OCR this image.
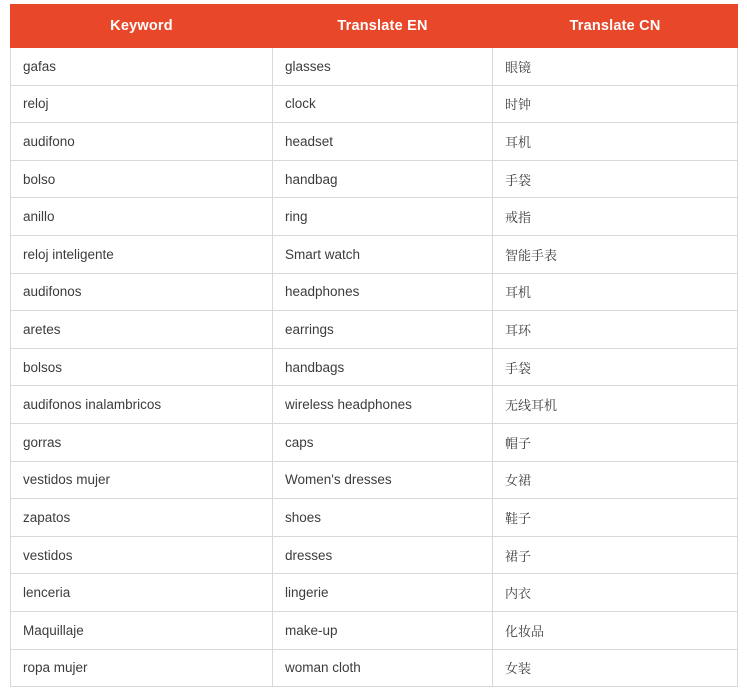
Keyword	Translate EN	Translate CN
gafas	glasses	眼镜
reloj	clock	时钟
audifono	headset	耳机
bolso	handbag	手袋
anillo	ring	戒指
reloj inteligente	Smart watch	智能手表
audifonos	headphones	耳机
aretes	earrings	耳环
bolsos	handbags	手袋
audifonos inalambricos	wireless headphones	无线耳机
gorras	caps	帽子
vestidos mujer	Women's dresses	女裙
zapatos	shoes	鞋子
vestidos	dresses	裙子
lenceria	lingerie	内衣
Maquillaje	make-up	化妆品
ropa mujer	woman cloth	女装
